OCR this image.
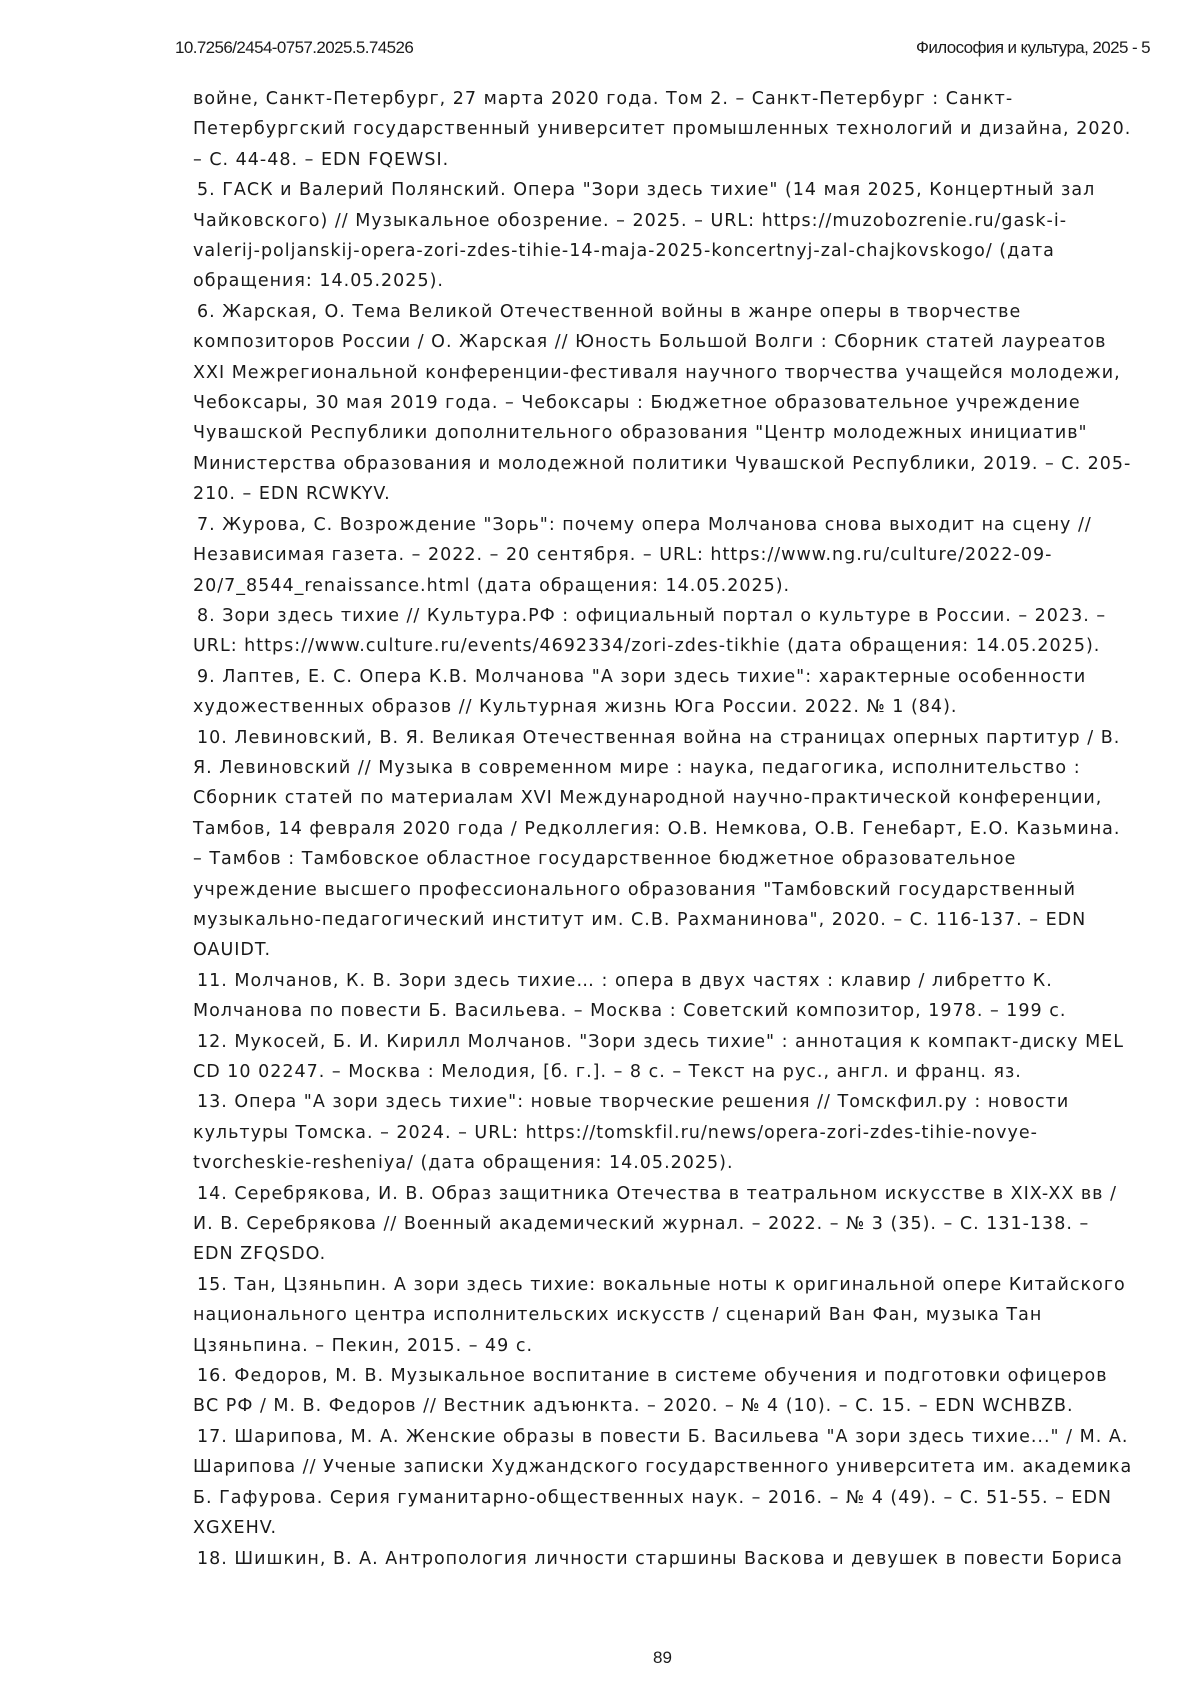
10.7256/2454-0757.2025.5.74526	Философия и культура, 2025 - 5

войне, Санкт-Петербург, 27 марта 2020 года. Том 2. – Санкт-Петербург : Санкт-Петербургский государственный университет промышленных технологий и дизайна, 2020. – С. 44-48. – EDN FQEWSI.

5. ГАСК и Валерий Полянский. Опера "Зори здесь тихие" (14 мая 2025, Концертный зал Чайковского) // Музыкальное обозрение. – 2025. – URL: https://muzobozrenie.ru/gask-i-valerij-poljanskij-opera-zori-zdes-tihie-14-maja-2025-koncertnyj-zal-chajkovskogo/ (дата обращения: 14.05.2025).

6. Жарская, О. Тема Великой Отечественной войны в жанре оперы в творчестве композиторов России / О. Жарская // Юность Большой Волги : Сборник статей лауреатов XXI Межрегиональной конференции-фестиваля научного творчества учащейся молодежи, Чебоксары, 30 мая 2019 года. – Чебоксары : Бюджетное образовательное учреждение Чувашской Республики дополнительного образования "Центр молодежных инициатив" Министерства образования и молодежной политики Чувашской Республики, 2019. – С. 205-210. – EDN RCWKYV.

7. Журова, С. Возрождение "Зорь": почему опера Молчанова снова выходит на сцену // Независимая газета. – 2022. – 20 сентября. – URL: https://www.ng.ru/culture/2022-09-20/7_8544_renaissance.html (дата обращения: 14.05.2025).

8. Зори здесь тихие // Культура.РФ : официальный портал о культуре в России. – 2023. – URL: https://www.culture.ru/events/4692334/zori-zdes-tikhie (дата обращения: 14.05.2025).

9. Лаптев, Е. С. Опера К.В. Молчанова "А зори здесь тихие": характерные особенности художественных образов // Культурная жизнь Юга России. 2022. № 1 (84).

10. Левиновский, В. Я. Великая Отечественная война на страницах оперных партитур / В. Я. Левиновский // Музыка в современном мире : наука, педагогика, исполнительство : Сборник статей по материалам XVI Международной научно-практической конференции, Тамбов, 14 февраля 2020 года / Редколлегия: О.В. Немкова, О.В. Генебарт, Е.О. Казьмина. – Тамбов : Тамбовское областное государственное бюджетное образовательное учреждение высшего профессионального образования "Тамбовский государственный музыкально-педагогический институт им. С.В. Рахманинова", 2020. – С. 116-137. – EDN OAUIDT.

11. Молчанов, К. В. Зори здесь тихие… : опера в двух частях : клавир / либретто К. Молчанова по повести Б. Васильева. – Москва : Советский композитор, 1978. – 199 с.

12. Мукосей, Б. И. Кирилл Молчанов. "Зори здесь тихие" : аннотация к компакт-диску MEL CD 10 02247. – Москва : Мелодия, [б. г.]. – 8 с. – Текст на рус., англ. и франц. яз.

13. Опера "А зори здесь тихие": новые творческие решения // Томскфил.ру : новости культуры Томска. – 2024. – URL: https://tomskfil.ru/news/opera-zori-zdes-tihie-novye-tvorcheskie-resheniya/ (дата обращения: 14.05.2025).

14. Серебрякова, И. В. Образ защитника Отечества в театральном искусстве в XIX-XX вв / И. В. Серебрякова // Военный академический журнал. – 2022. – № 3 (35). – С. 131-138. – EDN ZFQSDO.

15. Тан, Цзяньпин. А зори здесь тихие: вокальные ноты к оригинальной опере Китайского национального центра исполнительских искусств / сценарий Ван Фан, музыка Тан Цзяньпина. – Пекин, 2015. – 49 с.

16. Федоров, М. В. Музыкальное воспитание в системе обучения и подготовки офицеров ВС РФ / М. В. Федоров // Вестник адъюнкта. – 2020. – № 4 (10). – С. 15. – EDN WCHBZB.

17. Шарипова, М. А. Женские образы в повести Б. Васильева "А зори здесь тихие..." / М. А. Шарипова // Ученые записки Худжандского государственного университета им. академика Б. Гафурова. Серия гуманитарно-общественных наук. – 2016. – № 4 (49). – С. 51-55. – EDN XGXEHV.

18. Шишкин, В. А. Антропология личности старшины Васкова и девушек в повести Бориса

89
